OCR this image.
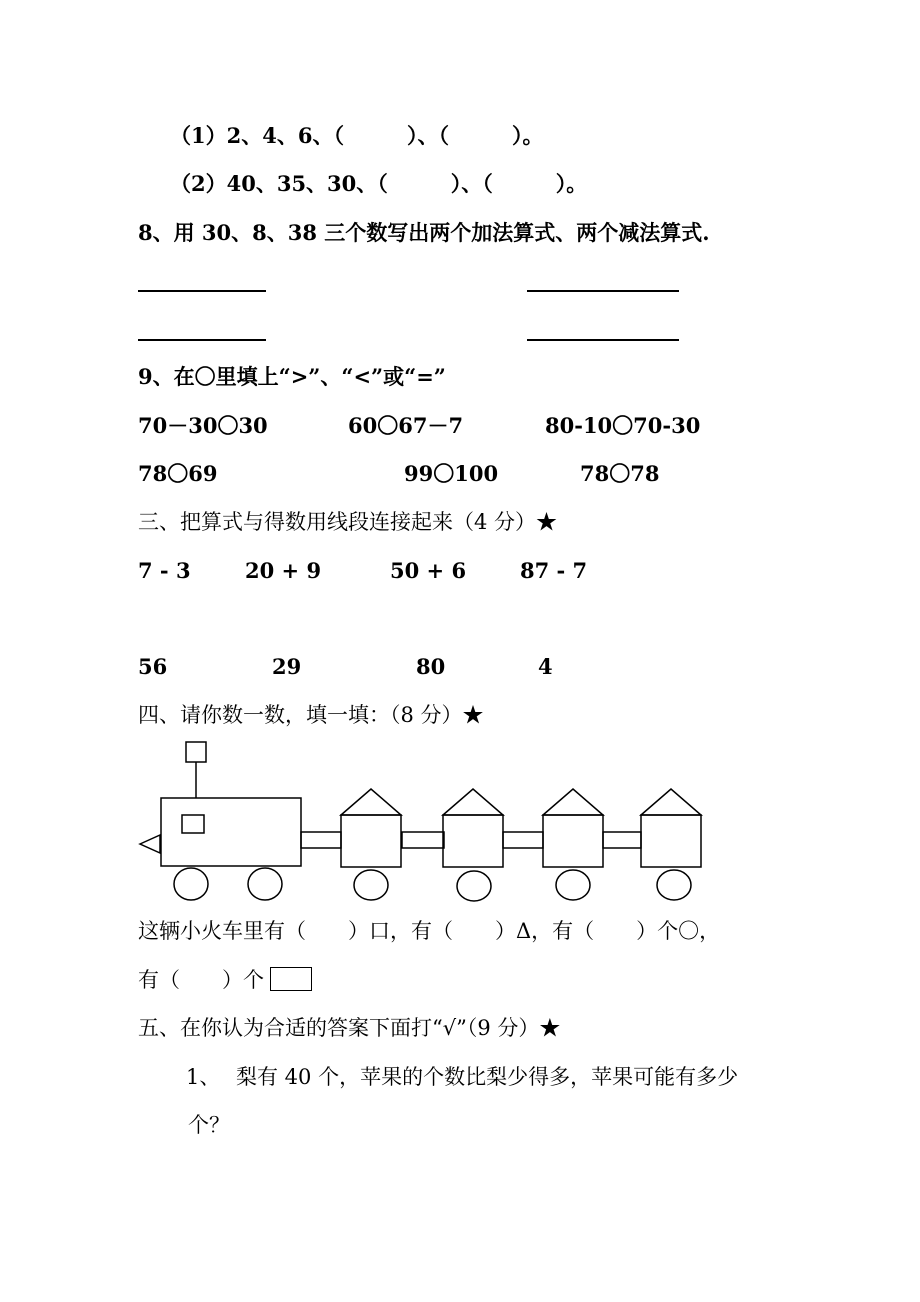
（1）2、4、6、（　　　）、（　　　）。
（2）40、35、30、（　　　）、（　　　）。
8、用 30、8、38 三个数写出两个加法算式、两个减法算式.
9、在〇里填上“>”、“<”或“=”
70－30〇30	60〇67－7	80-10〇70-30
78〇69	99〇100	78〇78
三、把算式与得数用线段连接起来（4 分）★
7 - 3	20 + 9	50 + 6	87 - 7
56	29	80	4
四、请你数一数，填一填：（8 分）★
这辆小火车里有（　　）口，有（　　）Δ，有（　　）个〇，
有（　　）个
五、在你认为合适的答案下面打“√”（9 分）★
1、 梨有 40 个，苹果的个数比梨少得多，苹果可能有多少
个？
